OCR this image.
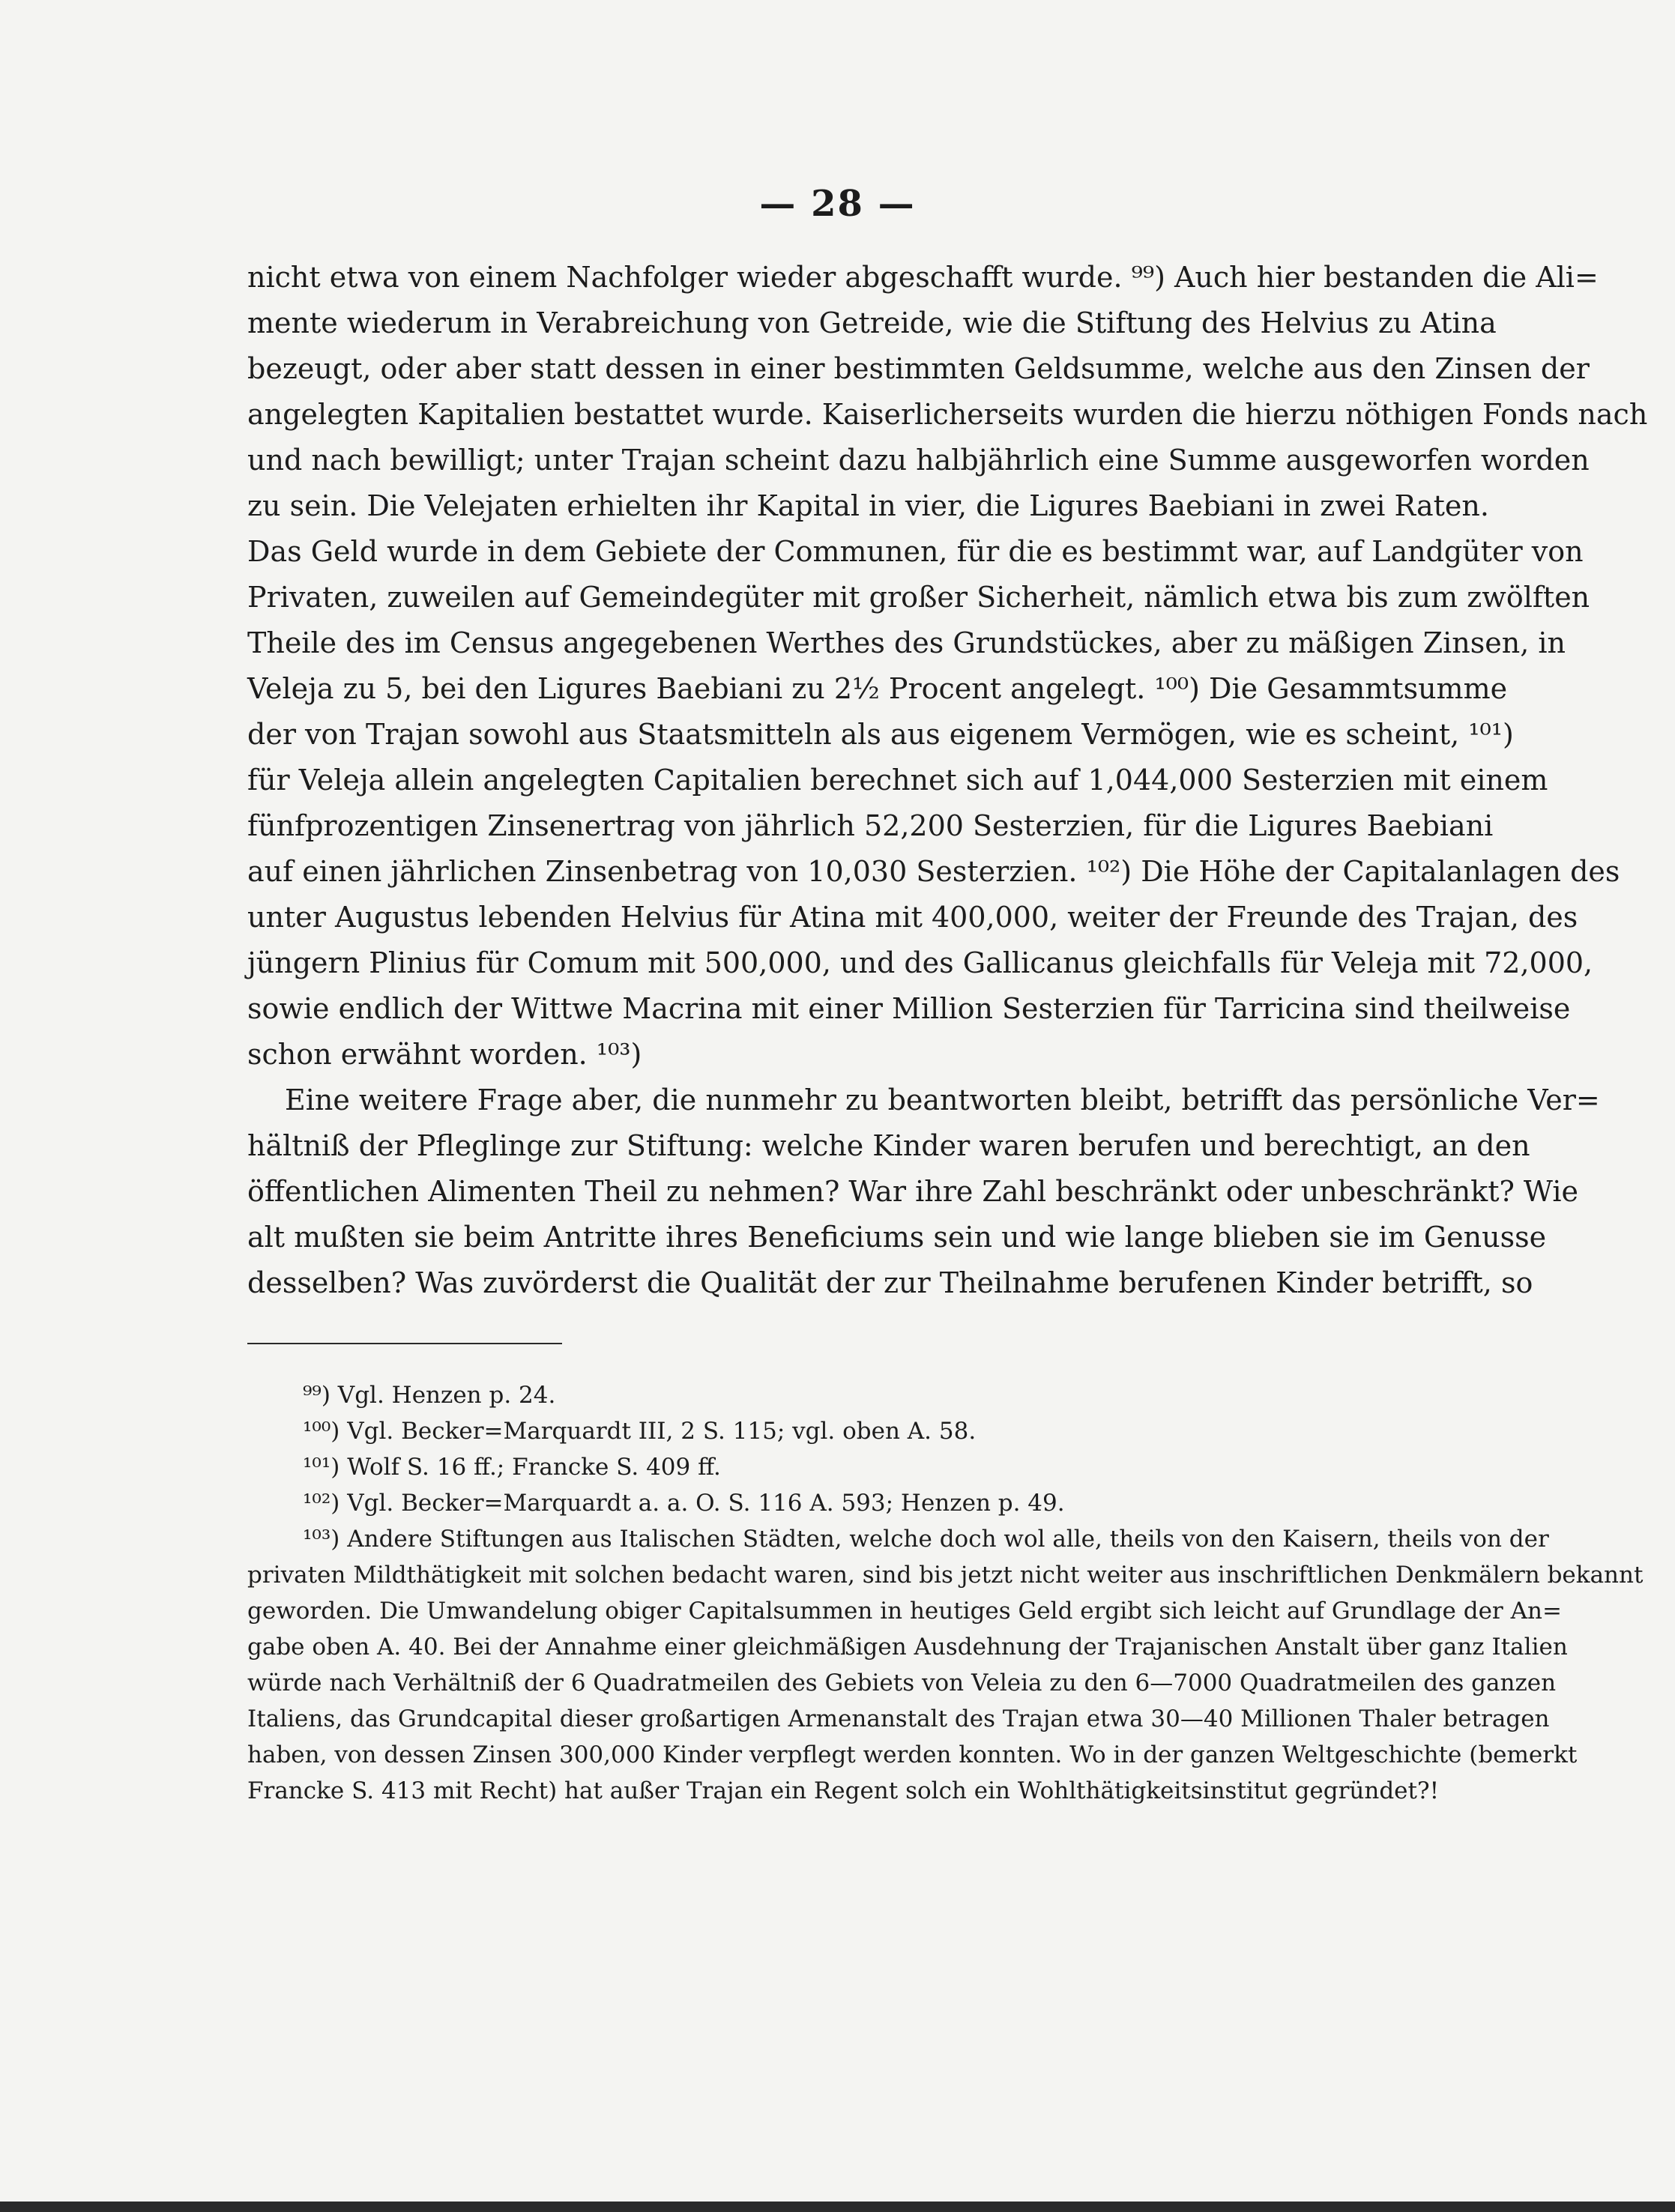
— 28 —
nicht etwa von einem Nachfolger wieder abgeschafft wurde. ⁹⁹) Auch hier bestanden die Ali=
mente wiederum in Verabreichung von Getreide, wie die Stiftung des Helvius zu Atina
bezeugt, oder aber statt dessen in einer bestimmten Geldsumme, welche aus den Zinsen der
angelegten Kapitalien bestattet wurde. Kaiserlicherseits wurden die hierzu nöthigen Fonds nach
und nach bewilligt; unter Trajan scheint dazu halbjährlich eine Summe ausgeworfen worden
zu sein. Die Velejaten erhielten ihr Kapital in vier, die Ligures Baebiani in zwei Raten.
Das Geld wurde in dem Gebiete der Communen, für die es bestimmt war, auf Landgüter von
Privaten, zuweilen auf Gemeindegüter mit großer Sicherheit, nämlich etwa bis zum zwölften
Theile des im Census angegebenen Werthes des Grundstückes, aber zu mäßigen Zinsen, in
Veleja zu 5, bei den Ligures Baebiani zu 2½ Procent angelegt. ¹⁰⁰) Die Gesammtsumme
der von Trajan sowohl aus Staatsmitteln als aus eigenem Vermögen, wie es scheint, ¹⁰¹)
für Veleja allein angelegten Capitalien berechnet sich auf 1,044,000 Sesterzien mit einem
fünfprozentigen Zinsenertrag von jährlich 52,200 Sesterzien, für die Ligures Baebiani
auf einen jährlichen Zinsenbetrag von 10,030 Sesterzien. ¹⁰²) Die Höhe der Capitalanlagen des
unter Augustus lebenden Helvius für Atina mit 400,000, weiter der Freunde des Trajan, des
jüngern Plinius für Comum mit 500,000, und des Gallicanus gleichfalls für Veleja mit 72,000,
sowie endlich der Wittwe Macrina mit einer Million Sesterzien für Tarricina sind theilweise
schon erwähnt worden. ¹⁰³)
Eine weitere Frage aber, die nunmehr zu beantworten bleibt, betrifft das persönliche Ver=
hältniß der Pfleglinge zur Stiftung: welche Kinder waren berufen und berechtigt, an den
öffentlichen Alimenten Theil zu nehmen? War ihre Zahl beschränkt oder unbeschränkt? Wie
alt mußten sie beim Antritte ihres Beneficiums sein und wie lange blieben sie im Genusse
desselben? Was zuvörderst die Qualität der zur Theilnahme berufenen Kinder betrifft, so
⁹⁹) Vgl. Henzen p. 24.
¹⁰⁰) Vgl. Becker=Marquardt III, 2 S. 115; vgl. oben A. 58.
¹⁰¹) Wolf S. 16 ff.; Francke S. 409 ff.
¹⁰²) Vgl. Becker=Marquardt a. a. O. S. 116 A. 593; Henzen p. 49.
¹⁰³) Andere Stiftungen aus Italischen Städten, welche doch wol alle, theils von den Kaisern, theils von der
privaten Mildthätigkeit mit solchen bedacht waren, sind bis jetzt nicht weiter aus inschriftlichen Denkmälern bekannt
geworden. Die Umwandelung obiger Capitalsummen in heutiges Geld ergibt sich leicht auf Grundlage der An=
gabe oben A. 40. Bei der Annahme einer gleichmäßigen Ausdehnung der Trajanischen Anstalt über ganz Italien
würde nach Verhältniß der 6 Quadratmeilen des Gebiets von Veleia zu den 6—7000 Quadratmeilen des ganzen
Italiens, das Grundcapital dieser großartigen Armenanstalt des Trajan etwa 30—40 Millionen Thaler betragen
haben, von dessen Zinsen 300,000 Kinder verpflegt werden konnten. Wo in der ganzen Weltgeschichte (bemerkt
Francke S. 413 mit Recht) hat außer Trajan ein Regent solch ein Wohlthätigkeitsinstitut gegründet?!
